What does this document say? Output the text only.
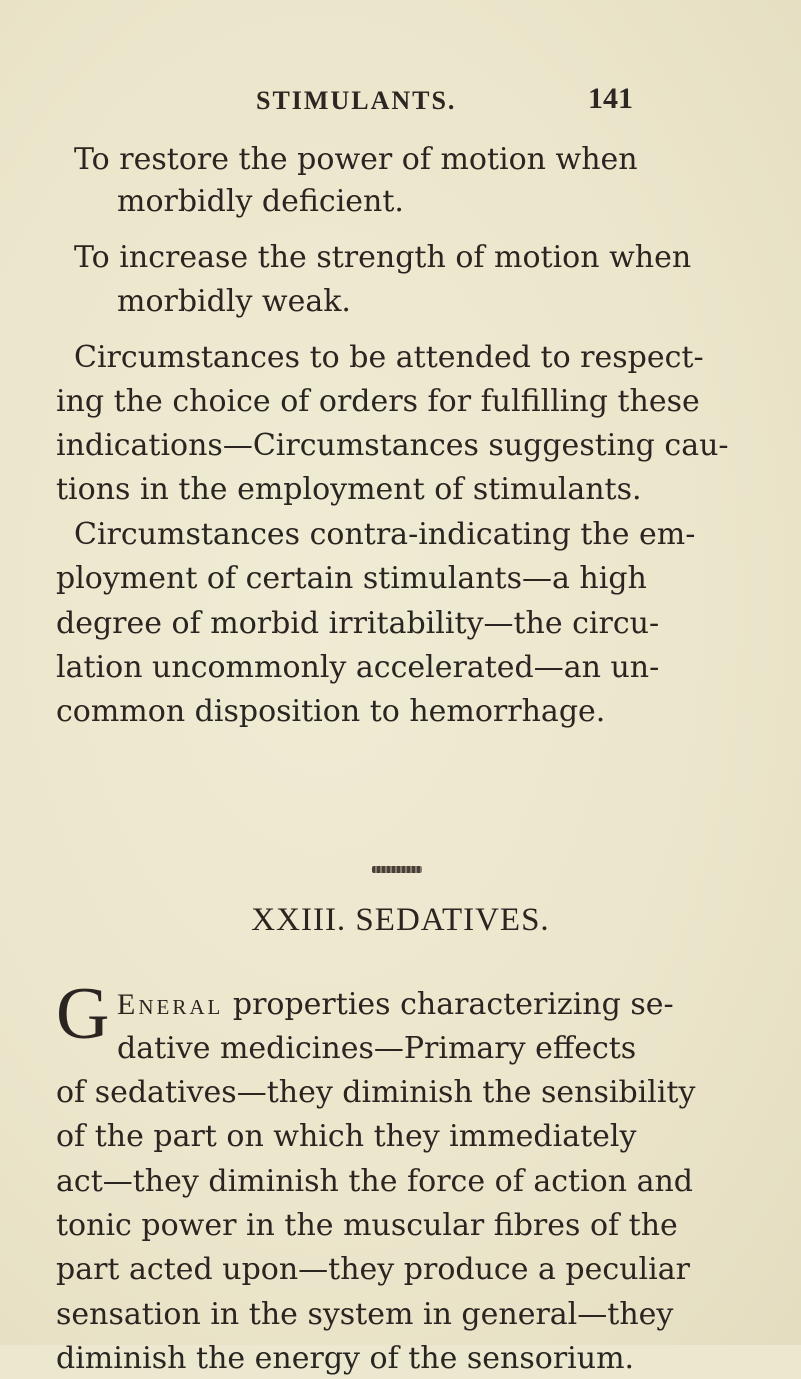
STIMULANTS.	141
To restore the power of motion when
morbidly deficient.
To increase the strength of motion when
morbidly weak.
Circumstances to be attended to respect-
ing the choice of orders for fulfilling these
indications—Circumstances suggesting cau-
tions in the employment of stimulants.
Circumstances contra-indicating the em-
ployment of certain stimulants—a high
degree of morbid irritability—the circu-
lation uncommonly accelerated—an un-
common disposition to hemorrhage.
XXIII. SEDATIVES.
G Eneral properties characterizing se-
dative medicines—Primary effects
of sedatives—they diminish the sensibility
of the part on which they immediately
act—they diminish the force of action and
tonic power in the muscular fibres of the
part acted upon—they produce a peculiar
sensation in the system in general—they
diminish the energy of the sensorium.
